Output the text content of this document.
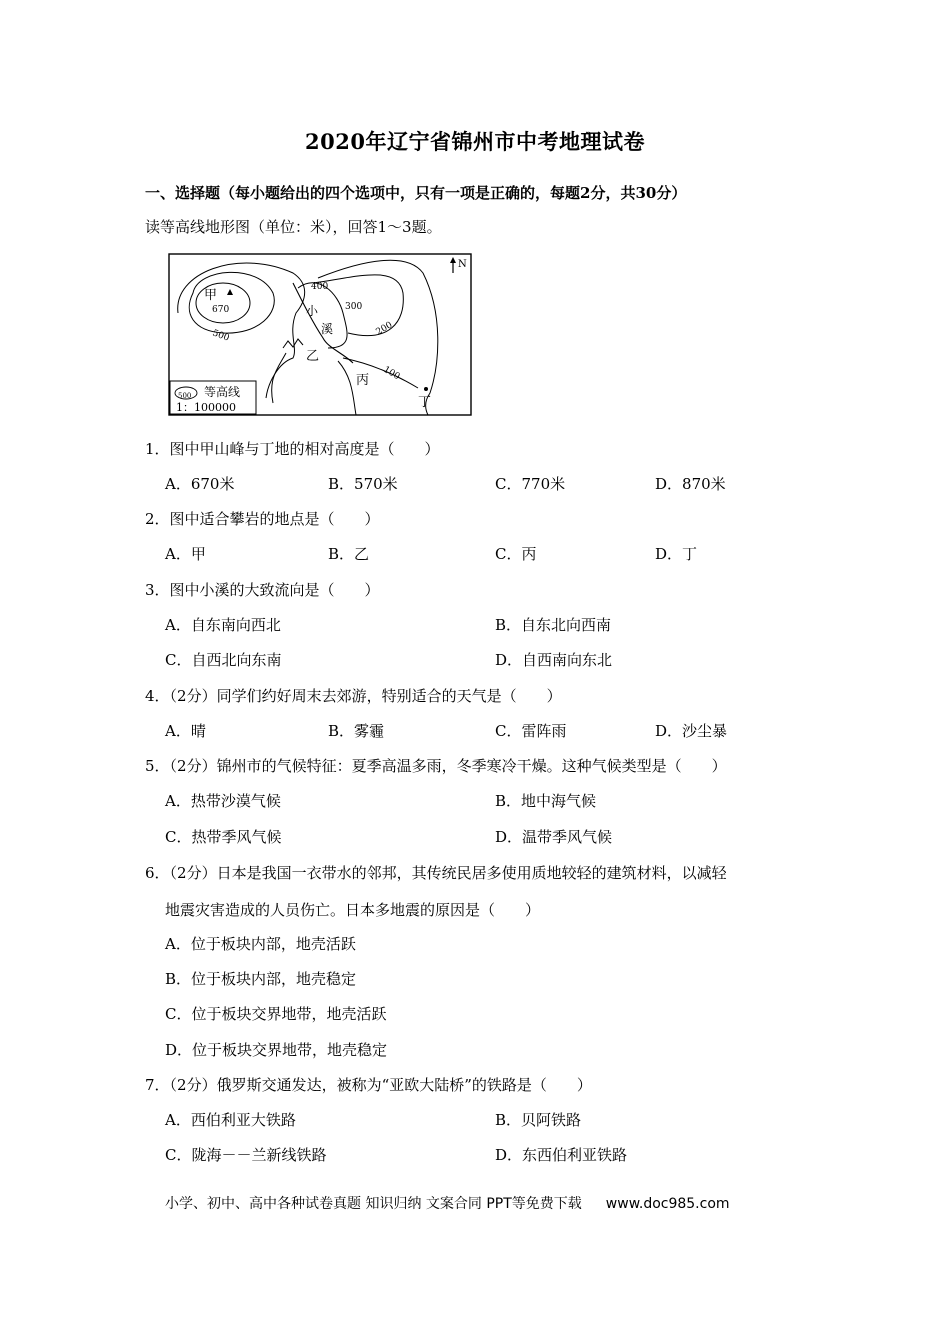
2020年辽宁省锦州市中考地理试卷
一、选择题（每小题给出的四个选项中，只有一项是正确的，每题2分，共30分）
读等高线地形图（单位：米），回答1～3题。
N
甲
670
500
400
300
200
100
小
溪
乙
丙
丁
500 等高线
1：100000
1．图中甲山峰与丁地的相对高度是（　　）
A．670米	B．570米	C．770米	D．870米
2．图中适合攀岩的地点是（　　）
A．甲	B．乙	C．丙	D．丁
3．图中小溪的大致流向是（　　）
A．自东南向西北	B．自东北向西南
C．自西北向东南	D．自西南向东北
4．（2分）同学们约好周末去郊游，特别适合的天气是（　　）
A．晴	B．雾霾	C．雷阵雨	D．沙尘暴
5．（2分）锦州市的气候特征：夏季高温多雨，冬季寒冷干燥。这种气候类型是（　　）
A．热带沙漠气候	B．地中海气候
C．热带季风气候	D．温带季风气候
6．（2分）日本是我国一衣带水的邻邦，其传统民居多使用质地较轻的建筑材料，以减轻
地震灾害造成的人员伤亡。日本多地震的原因是（　　）
A．位于板块内部，地壳活跃
B．位于板块内部，地壳稳定
C．位于板块交界地带，地壳活跃
D．位于板块交界地带，地壳稳定
7．（2分）俄罗斯交通发达，被称为“亚欧大陆桥”的铁路是（　　）
A．西伯利亚大铁路	B．贝阿铁路
C．陇海－－兰新线铁路	D．东西伯利亚铁路
小学、初中、高中各种试卷真题 知识归纳 文案合同 PPT等免费下载 www.doc985.com
